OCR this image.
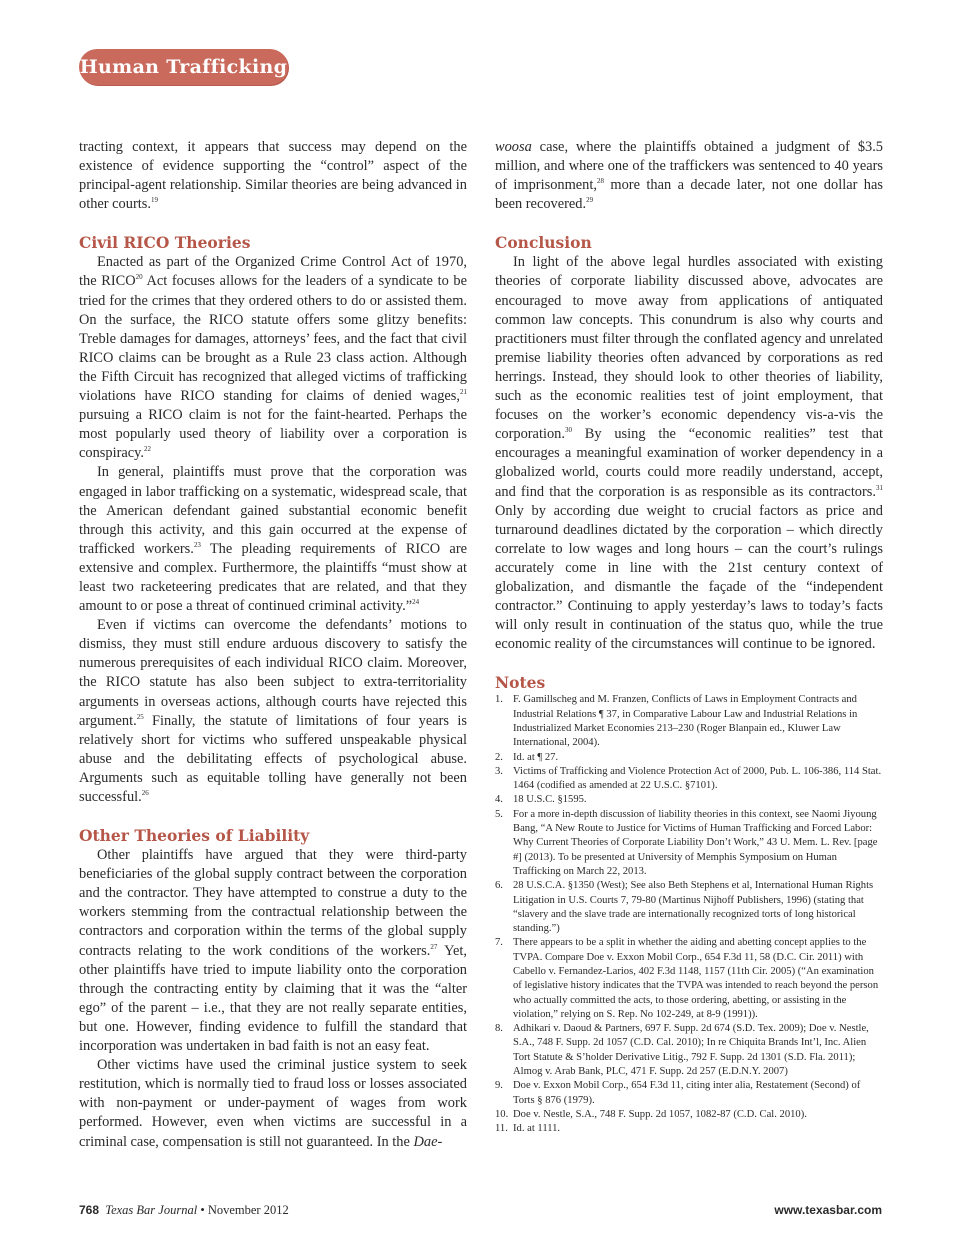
Human Trafficking

tracting context, it appears that success may depend on the existence of evidence supporting the “control” aspect of the principal-agent relationship. Similar theories are being advanced in other courts.$^{19}$

Civil RICO Theories

Enacted as part of the Organized Crime Control Act of 1970, the RICO$^{20}$ Act focuses allows for the leaders of a syndicate to be tried for the crimes that they ordered others to do or assisted them. On the surface, the RICO statute offers some glitzy benefits: Treble damages for damages, attorneys’ fees, and the fact that civil RICO claims can be brought as a Rule 23 class action. Although the Fifth Circuit has recognized that alleged victims of trafficking violations have RICO standing for claims of denied wages,$^{21}$ pursuing a RICO claim is not for the faint-hearted. Perhaps the most popularly used theory of liability over a corporation is conspiracy.$^{22}$

In general, plaintiffs must prove that the corporation was engaged in labor trafficking on a systematic, widespread scale, that the American defendant gained substantial economic benefit through this activity, and this gain occurred at the expense of trafficked workers.$^{23}$ The pleading requirements of RICO are extensive and complex. Furthermore, the plaintiffs “must show at least two racketeering predicates that are related, and that they amount to or pose a threat of continued criminal activity.”$^{24}$

Even if victims can overcome the defendants’ motions to dismiss, they must still endure arduous discovery to satisfy the numerous prerequisites of each individual RICO claim. Moreover, the RICO statute has also been subject to extra-territoriality arguments in overseas actions, although courts have rejected this argument.$^{25}$ Finally, the statute of limitations of four years is relatively short for victims who suffered unspeakable physical abuse and the debilitating effects of psychological abuse. Arguments such as equitable tolling have generally not been successful.$^{26}$

Other Theories of Liability

Other plaintiffs have argued that they were third-party beneficiaries of the global supply contract between the corporation and the contractor. They have attempted to construe a duty to the workers stemming from the contractual relationship between the contractors and corporation within the terms of the global supply contracts relating to the work conditions of the workers.$^{27}$ Yet, other plaintiffs have tried to impute liability onto the corporation through the contracting entity by claiming that it was the “alter ego” of the parent – i.e., that they are not really separate entities, but one. However, finding evidence to fulfill the standard that incorporation was undertaken in bad faith is not an easy feat.

Other victims have used the criminal justice system to seek restitution, which is normally tied to fraud loss or losses associated with non-payment or under-payment of wages from work performed. However, even when victims are successful in a criminal case, compensation is still not guaranteed. In the Dae-

woosa case, where the plaintiffs obtained a judgment of $3.5 million, and where one of the traffickers was sentenced to 40 years of imprisonment,$^{28}$ more than a decade later, not one dollar has been recovered.$^{29}$

Conclusion

In light of the above legal hurdles associated with existing theories of corporate liability discussed above, advocates are encouraged to move away from applications of antiquated common law concepts. This conundrum is also why courts and practitioners must filter through the conflated agency and unrelated premise liability theories often advanced by corporations as red herrings. Instead, they should look to other theories of liability, such as the economic realities test of joint employment, that focuses on the worker’s economic dependency vis-a-vis the corporation.$^{30}$ By using the “economic realities” test that encourages a meaningful examination of worker dependency in a globalized world, courts could more readily understand, accept, and find that the corporation is as responsible as its contractors.$^{31}$ Only by according due weight to crucial factors as price and turnaround deadlines dictated by the corporation – which directly correlate to low wages and long hours – can the court’s rulings accurately come in line with the 21st century context of globalization, and dismantle the façade of the “independent contractor.” Continuing to apply yesterday’s laws to today’s facts will only result in continuation of the status quo, while the true economic reality of the circumstances will continue to be ignored.

Notes
1. F. Gamillscheg and M. Franzen, Conflicts of Laws in Employment Contracts and Industrial Relations ¶ 37, in Comparative Labour Law and Industrial Relations in Industrialized Market Economies 213–230 (Roger Blanpain ed., Kluwer Law International, 2004).
2. Id. at ¶ 27.
3. Victims of Trafficking and Violence Protection Act of 2000, Pub. L. 106-386, 114 Stat. 1464 (codified as amended at 22 U.S.C. §7101).
4. 18 U.S.C. §1595.
5. For a more in-depth discussion of liability theories in this context, see Naomi Jiyoung Bang, “A New Route to Justice for Victims of Human Trafficking and Forced Labor: Why Current Theories of Corporate Liability Don’t Work,” 43 U. Mem. L. Rev. [page #] (2013). To be presented at University of Memphis Symposium on Human Trafficking on March 22, 2013.
6. 28 U.S.C.A. §1350 (West); See also Beth Stephens et al, International Human Rights Litigation in U.S. Courts 7, 79-80 (Martinus Nijhoff Publishers, 1996) (stating that “slavery and the slave trade are internationally recognized torts of long historical standing.”)
7. There appears to be a split in whether the aiding and abetting concept applies to the TVPA. Compare Doe v. Exxon Mobil Corp., 654 F.3d 11, 58 (D.C. Cir. 2011) with Cabello v. Fernandez-Larios, 402 F.3d 1148, 1157 (11th Cir. 2005) (“An examination of legislative history indicates that the TVPA was intended to reach beyond the person who actually committed the acts, to those ordering, abetting, or assisting in the violation,” relying on S. Rep. No 102-249, at 8-9 (1991)).
8. Adhikari v. Daoud & Partners, 697 F. Supp. 2d 674 (S.D. Tex. 2009); Doe v. Nestle, S.A., 748 F. Supp. 2d 1057 (C.D. Cal. 2010); In re Chiquita Brands Int’l, Inc. Alien Tort Statute & S’holder Derivative Litig., 792 F. Supp. 2d 1301 (S.D. Fla. 2011); Almog v. Arab Bank, PLC, 471 F. Supp. 2d 257 (E.D.N.Y. 2007)
9. Doe v. Exxon Mobil Corp., 654 F.3d 11, citing inter alia, Restatement (Second) of Torts § 876 (1979).
10. Doe v. Nestle, S.A., 748 F. Supp. 2d 1057, 1082-87 (C.D. Cal. 2010).
11. Id. at 1111.
768 Texas Bar Journal • November 2012	www.texasbar.com
